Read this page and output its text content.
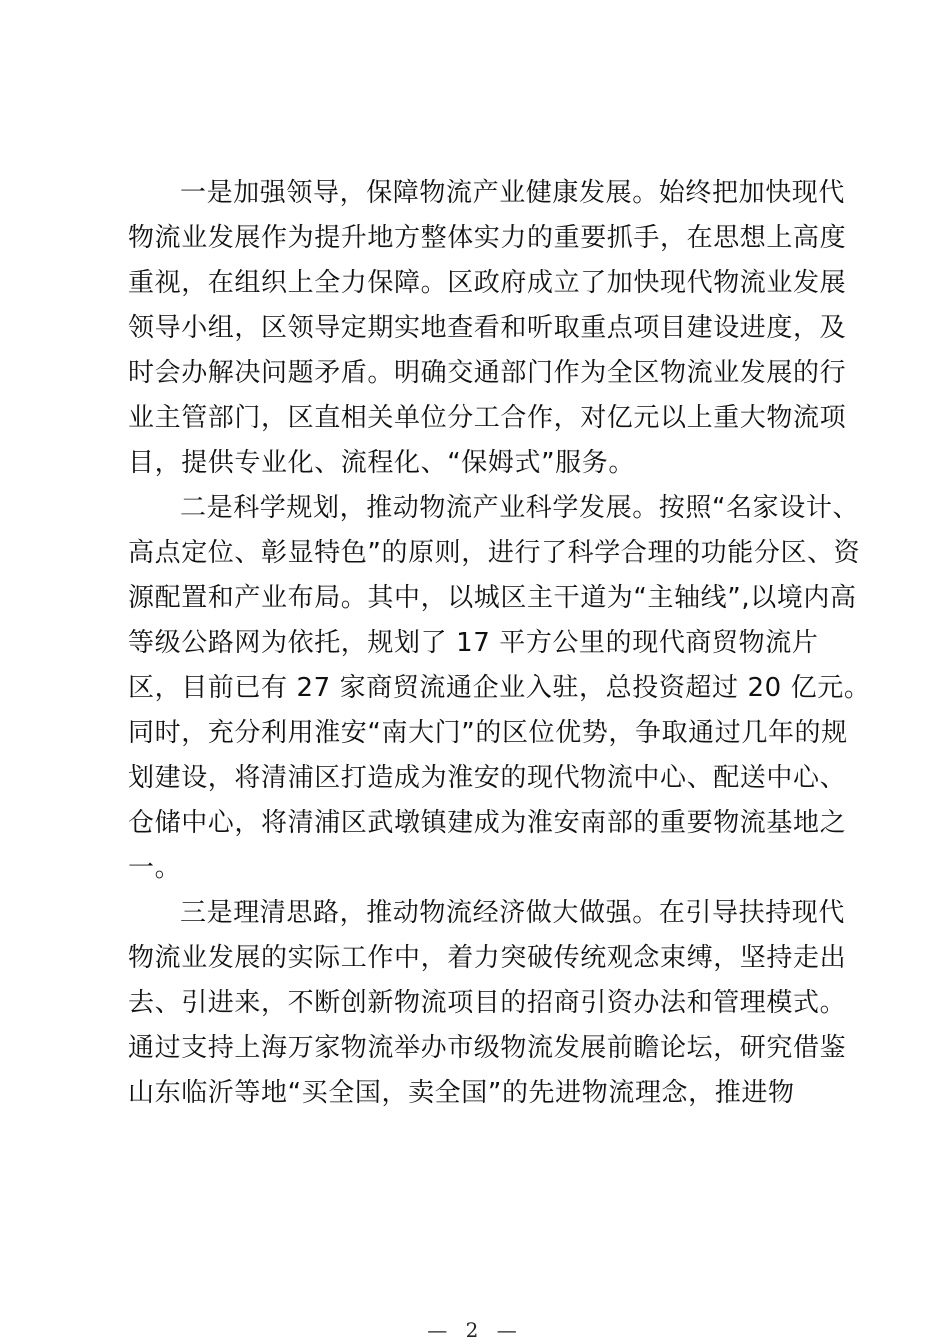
一是加强领导，保障物流产业健康发展。始终把加快现代

物流业发展作为提升地方整体实力的重要抓手，在思想上高度

重视，在组织上全力保障。区政府成立了加快现代物流业发展

领导小组，区领导定期实地查看和听取重点项目建设进度，及

时会办解决问题矛盾。明确交通部门作为全区物流业发展的行

业主管部门，区直相关单位分工合作，对亿元以上重大物流项

目，提供专业化、流程化、“保姆式”服务。

二是科学规划，推动物流产业科学发展。按照“名家设计、

高点定位、彰显特色”的原则，进行了科学合理的功能分区、资

源配置和产业布局。其中，以城区主干道为“主轴线”,以境内高

等级公路网为依托，规划了 17 平方公里的现代商贸物流片

区，目前已有 27 家商贸流通企业入驻，总投资超过 20 亿元。

同时，充分利用淮安“南大门”的区位优势，争取通过几年的规

划建设，将清浦区打造成为淮安的现代物流中心、配送中心、

仓储中心，将清浦区武墩镇建成为淮安南部的重要物流基地之

一。

三是理清思路，推动物流经济做大做强。在引导扶持现代

物流业发展的实际工作中，着力突破传统观念束缚，坚持走出

去、引进来，不断创新物流项目的招商引资办法和管理模式。

通过支持上海万家物流举办市级物流发展前瞻论坛，研究借鉴

山东临沂等地“买全国，卖全国”的先进物流理念，推进物

— 2 —
